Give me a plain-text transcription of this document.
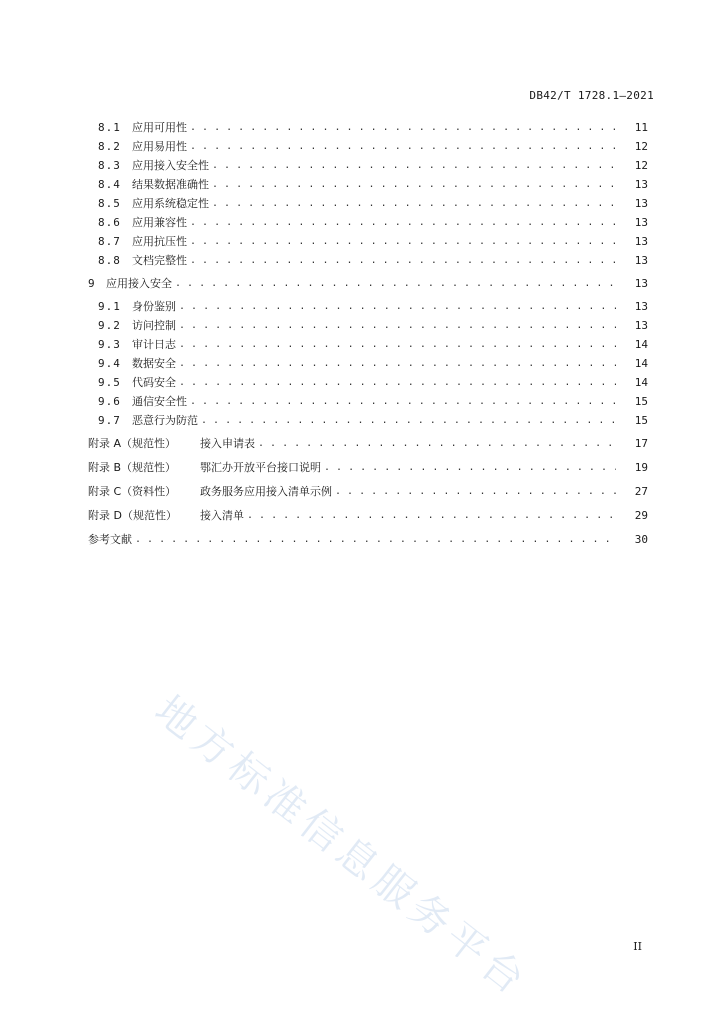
DB42/T 1728.1—2021
8.1	应用可用性 . . .	11
8.2	应用易用性 . . .	12
8.3	应用接入安全性 . . .	12
8.4	结果数据准确性 . . .	13
8.5	应用系统稳定性 . . .	13
8.6	应用兼容性 . . .	13
8.7	应用抗压性 . . .	13
8.8	文档完整性 . . .	13
9 应用接入安全 . . .	13
9.1	身份鉴别 . . .	13
9.2	访问控制 . . .	13
9.3	审计日志 . . .	14
9.4	数据安全 . . .	14
9.5	代码安全 . . .	14
9.6	通信安全性 . . .	15
9.7	恶意行为防范 . . .	15
附录 A（规范性）	接入申请表 . . .	17
附录 B（规范性）	鄂汇办开放平台接口说明 . . .	19
附录 C（资料性）	政务服务应用接入清单示例 . . .	27
附录 D（规范性）	接入清单 . . .	29
参考文献 . . .	30
地方标准信息服务平台	II
